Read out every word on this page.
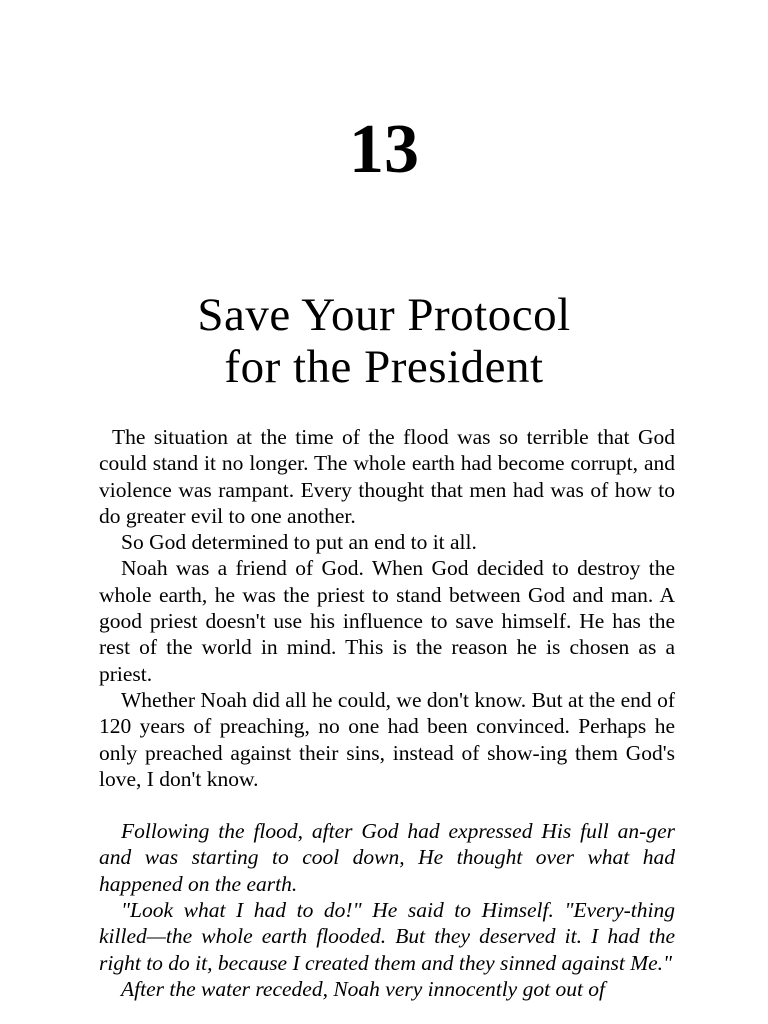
13
Save Your Protocol
for the President

The situation at the time of the flood was so terrible that God could stand it no longer. The whole earth had become corrupt, and violence was rampant. Every thought that men had was of how to do greater evil to one another.

So God determined to put an end to it all.

Noah was a friend of God. When God decided to destroy the whole earth, he was the priest to stand between God and man. A good priest doesn't use his influence to save himself. He has the rest of the world in mind. This is the reason he is chosen as a priest.

Whether Noah did all he could, we don't know. But at the end of 120 years of preaching, no one had been convinced. Perhaps he only preached against their sins, instead of show-ing them God's love, I don't know.

Following the flood, after God had expressed His full an-ger and was starting to cool down, He thought over what had happened on the earth.

"Look what I had to do!" He said to Himself. "Every-thing killed—the whole earth flooded. But they deserved it. I had the right to do it, because I created them and they sinned against Me."

After the water receded, Noah very innocently got out of
